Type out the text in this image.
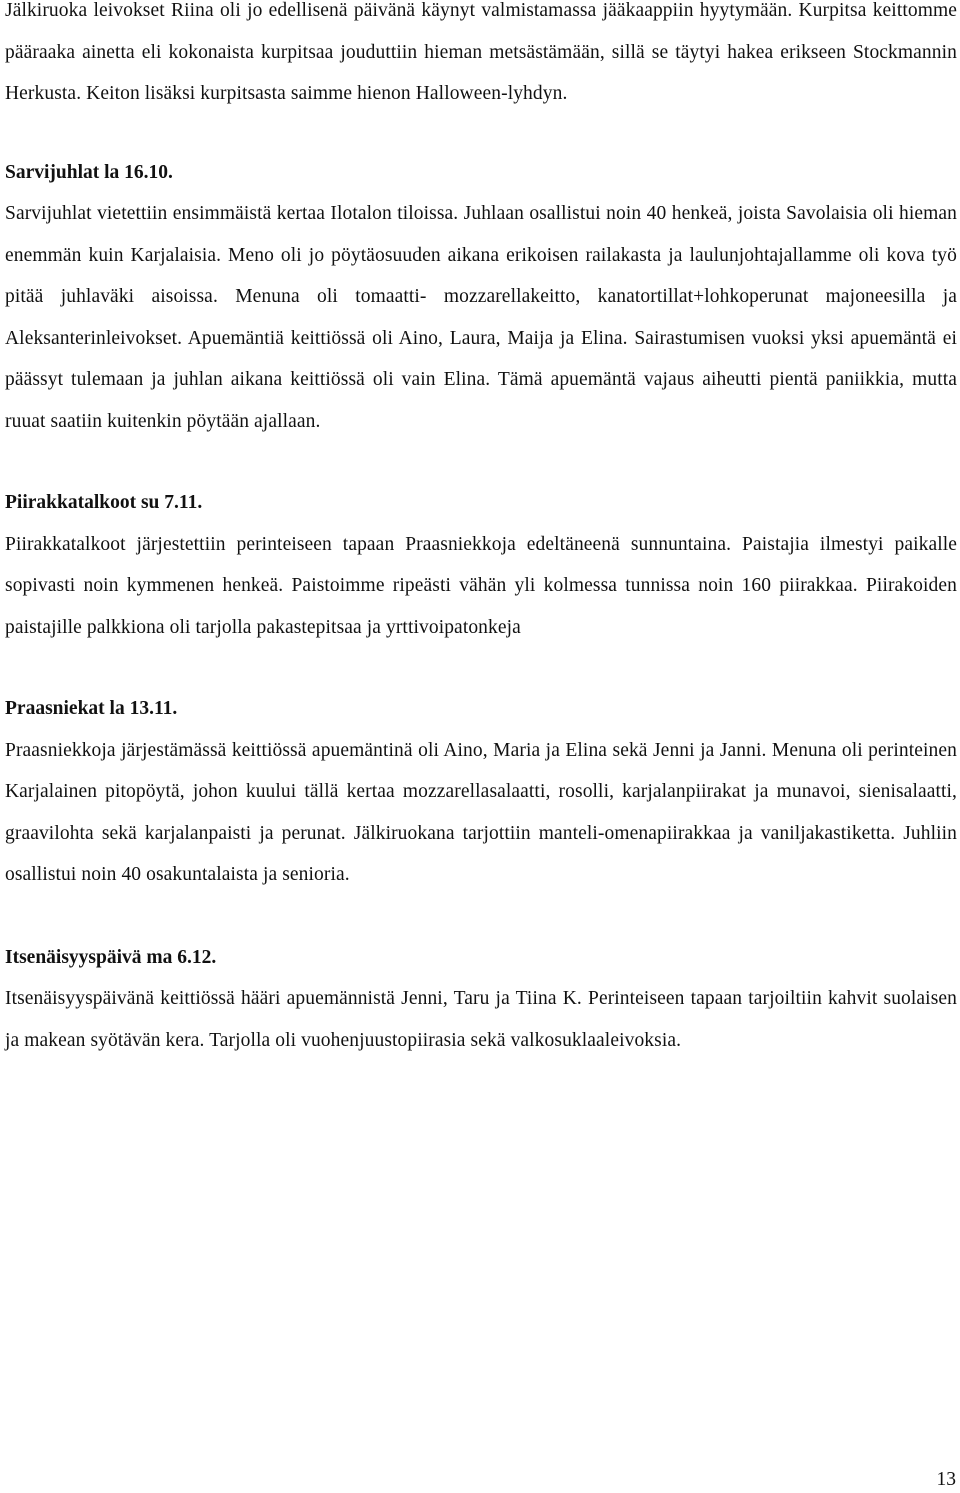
Jälkiruoka leivokset Riina oli jo edellisenä päivänä käynyt valmistamassa jääkaappiin hyytymään. Kurpitsa keittomme pääraaka ainetta eli kokonaista kurpitsaa jouduttiin hieman metsästämään, sillä se täytyi hakea erikseen Stockmannin Herkusta. Keiton lisäksi kurpitsasta saimme hienon Halloween-lyhdyn.

Sarvijuhlat la 16.10.

Sarvijuhlat vietettiin ensimmäistä kertaa Ilotalon tiloissa. Juhlaan osallistui noin 40 henkeä, joista Savolaisia oli hieman enemmän kuin Karjalaisia. Meno oli jo pöytäosuuden aikana erikoisen railakasta ja laulunjohtajallamme oli kova työ pitää juhlaväki aisoissa. Menuna oli tomaatti- mozzarellakeitto, kanatortillat+lohkoperunat majoneesilla ja Aleksanterinleivokset. Apuemäntiä keittiössä oli Aino, Laura, Maija ja Elina. Sairastumisen vuoksi yksi apuemäntä ei päässyt tulemaan ja juhlan aikana keittiössä oli vain Elina. Tämä apuemäntä vajaus aiheutti pientä paniikkia, mutta ruuat saatiin kuitenkin pöytään ajallaan.

Piirakkatalkoot su 7.11.

Piirakkatalkoot järjestettiin perinteiseen tapaan Praasniekkoja edeltäneenä sunnuntaina. Paistajia ilmestyi paikalle sopivasti noin kymmenen henkeä. Paistoimme ripeästi vähän yli kolmessa tunnissa noin 160 piirakkaa. Piirakoiden paistajille palkkiona oli tarjolla pakastepitsaa ja yrttivoipatonkeja

Praasniekat la 13.11.

Praasniekkoja järjestämässä keittiössä apuemäntinä oli Aino, Maria ja Elina sekä Jenni ja Janni. Menuna oli perinteinen Karjalainen pitopöytä, johon kuului tällä kertaa mozzarellasalaatti, rosolli, karjalanpiirakat ja munavoi, sienisalaatti, graavilohta sekä karjalanpaisti ja perunat. Jälkiruokana tarjottiin manteli-omenapiirakkaa ja vaniljakastiketta. Juhliin osallistui noin 40 osakuntalaista ja senioria.

Itsenäisyyspäivä ma 6.12.

Itsenäisyyspäivänä keittiössä hääri apuemännistä Jenni, Taru ja Tiina K. Perinteiseen tapaan tarjoiltiin kahvit suolaisen ja makean syötävän kera. Tarjolla oli vuohenjuustopiirasia sekä valkosuklaaleivoksia.

13
